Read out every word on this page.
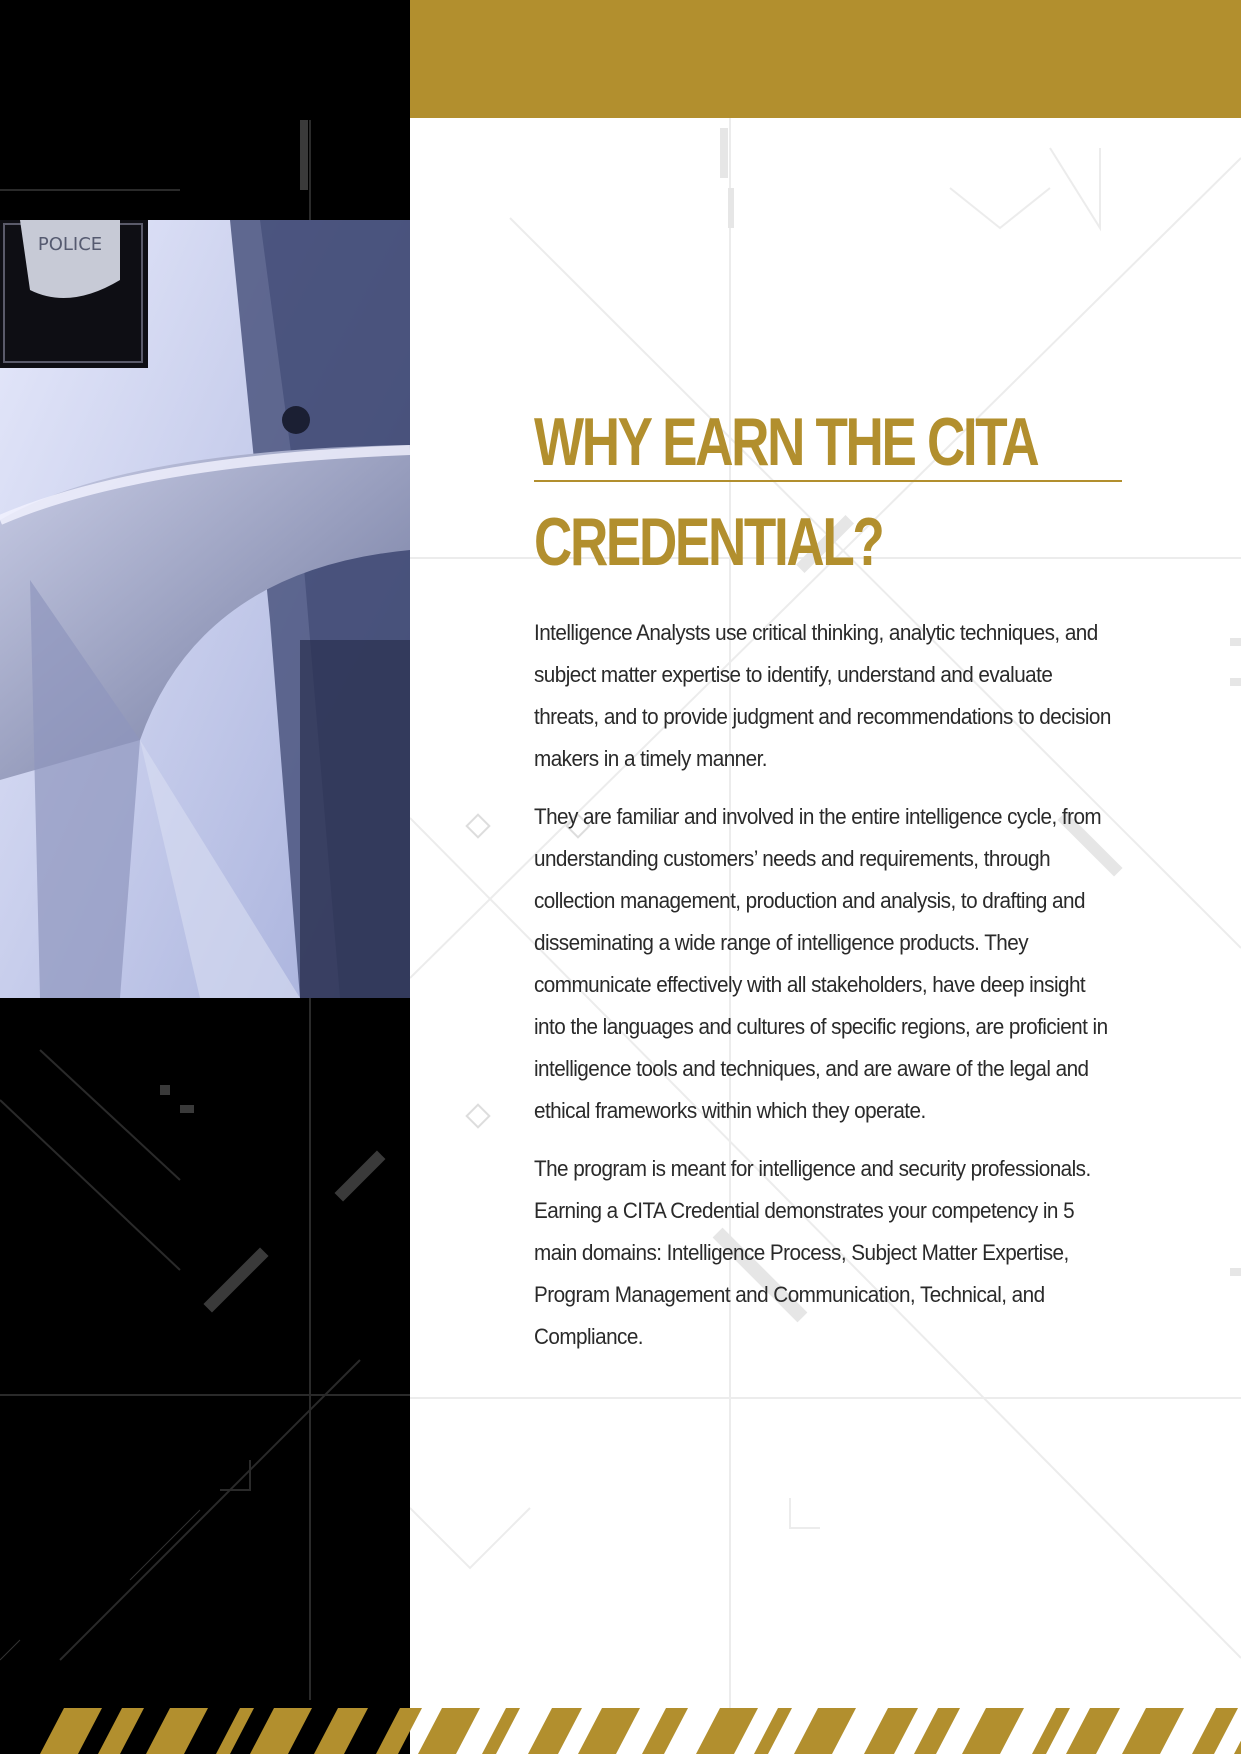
POLICE
WHY EARN THE CITA
CREDENTIAL?

Intelligence Analysts use critical thinking, analytic techniques, and subject matter expertise to identify, understand and evaluate threats, and to provide judgment and recommendations to decision makers in a timely manner.

They are familiar and involved in the entire intelligence cycle, from understanding customers’ needs and requirements, through collection management, production and analysis, to drafting and disseminating a wide range of intelligence products. They communicate effectively with all stakeholders, have deep insight into the languages and cultures of specific regions, are proficient in intelligence tools and techniques, and are aware of the legal and ethical frameworks within which they operate.

The program is meant for intelligence and security professionals. Earning a CITA Credential demonstrates your competency in 5 main domains: Intelligence Process, Subject Matter Expertise, Program Management and Communication, Technical, and Compliance.
